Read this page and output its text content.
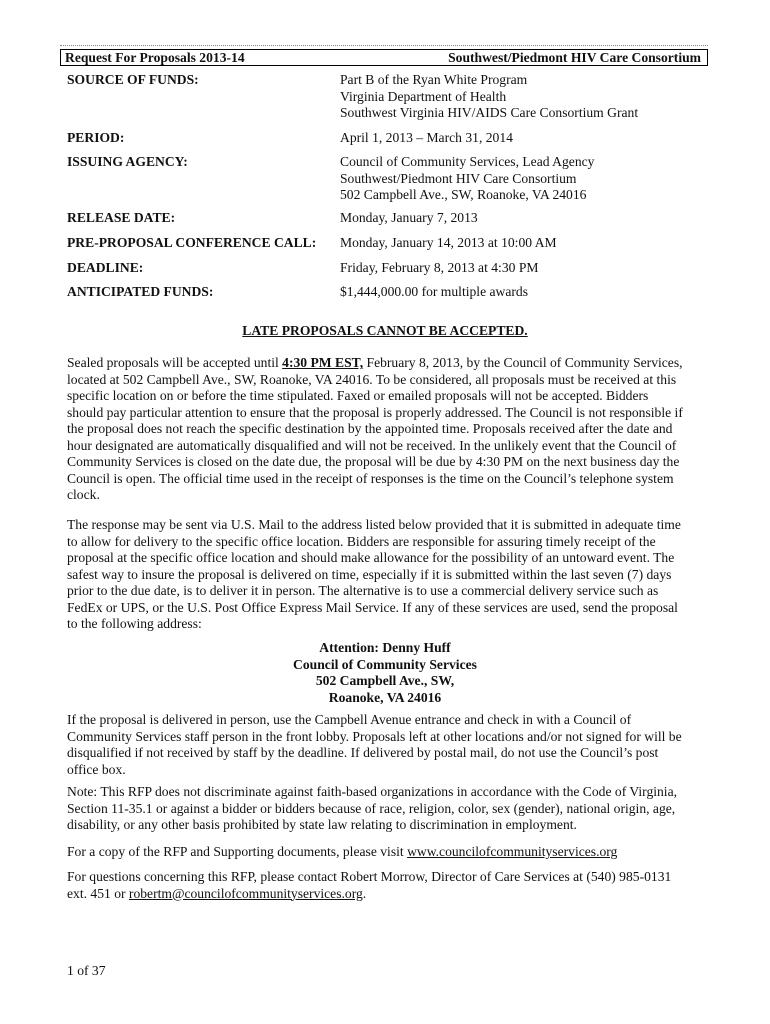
Request For Proposals 2013-14	Southwest/Piedmont HIV Care Consortium
SOURCE OF FUNDS:	Part B of the Ryan White Program
Virginia Department of Health
Southwest Virginia HIV/AIDS Care Consortium Grant
PERIOD:	April 1, 2013 – March 31, 2014
ISSUING AGENCY:	Council of Community Services, Lead Agency
Southwest/Piedmont HIV Care Consortium
502 Campbell Ave., SW, Roanoke, VA 24016
RELEASE DATE:	Monday, January 7, 2013
PRE-PROPOSAL CONFERENCE CALL: Monday, January 14, 2013 at 10:00 AM
DEADLINE:	Friday, February 8, 2013 at 4:30 PM
ANTICIPATED FUNDS:	$1,444,000.00 for multiple awards
LATE PROPOSALS CANNOT BE ACCEPTED.
Sealed proposals will be accepted until 4:30 PM EST, February 8, 2013, by the Council of Community Services,
located at 502 Campbell Ave., SW, Roanoke, VA 24016. To be considered, all proposals must be received at this
specific location on or before the time stipulated. Faxed or emailed proposals will not be accepted. Bidders
should pay particular attention to ensure that the proposal is properly addressed. The Council is not responsible if
the proposal does not reach the specific destination by the appointed time. Proposals received after the date and
hour designated are automatically disqualified and will not be received. In the unlikely event that the Council of
Community Services is closed on the date due, the proposal will be due by 4:30 PM on the next business day the
Council is open. The official time used in the receipt of responses is the time on the Council’s telephone system
clock.
The response may be sent via U.S. Mail to the address listed below provided that it is submitted in adequate time
to allow for delivery to the specific office location. Bidders are responsible for assuring timely receipt of the
proposal at the specific office location and should make allowance for the possibility of an untoward event. The
safest way to insure the proposal is delivered on time, especially if it is submitted within the last seven (7) days
prior to the due date, is to deliver it in person. The alternative is to use a commercial delivery service such as
FedEx or UPS, or the U.S. Post Office Express Mail Service. If any of these services are used, send the proposal
to the following address:
Attention: Denny Huff
Council of Community Services
502 Campbell Ave., SW,
Roanoke, VA 24016
If the proposal is delivered in person, use the Campbell Avenue entrance and check in with a Council of
Community Services staff person in the front lobby. Proposals left at other locations and/or not signed for will be
disqualified if not received by staff by the deadline. If delivered by postal mail, do not use the Council’s post
office box.
Note: This RFP does not discriminate against faith-based organizations in accordance with the Code of Virginia,
Section 11-35.1 or against a bidder or bidders because of race, religion, color, sex (gender), national origin, age,
disability, or any other basis prohibited by state law relating to discrimination in employment.
For a copy of the RFP and Supporting documents, please visit www.councilofcommunityservices.org
For questions concerning this RFP, please contact Robert Morrow, Director of Care Services at (540) 985-0131
ext. 451 or robertm@councilofcommunityservices.org.
1 of 37
